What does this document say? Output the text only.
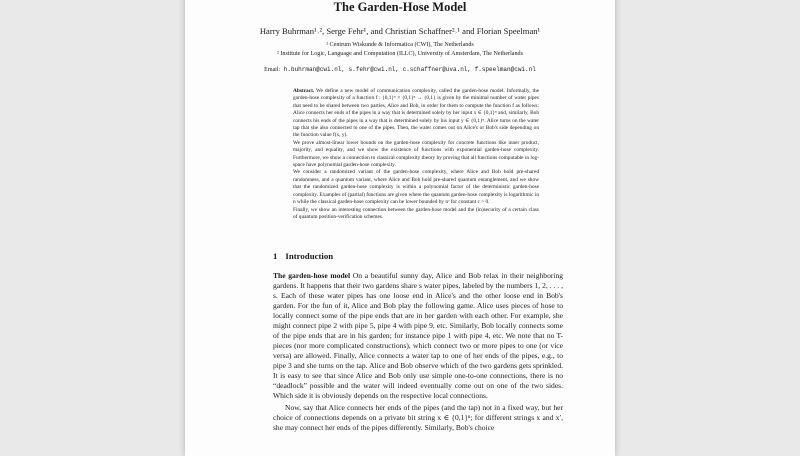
The Garden-Hose Model
Harry Buhrman¹˒², Serge Fehr¹, and Christian Schaffner²˒¹ and Florian Speelman¹
¹ Centrum Wiskunde & Informatica (CWI), The Netherlands
² Institute for Logic, Language and Computation (ILLC), University of Amsterdam, The Netherlands
Email: h.buhrman@cwi.nl, s.fehr@cwi.nl, c.schaffner@uva.nl, f.speelman@cwi.nl

Abstract. We define a new model of communication complexity, called the garden-hose model. Informally, the garden-hose complexity of a function f : {0,1}ⁿ × {0,1}ⁿ → {0,1} is given by the minimal number of water pipes that need to be shared between two parties, Alice and Bob, in order for them to compute the function f as follows: Alice connects her ends of the pipes in a way that is determined solely by her input x ∈ {0,1}ⁿ and, similarly, Bob connects his ends of the pipes in a way that is determined solely by his input y ∈ {0,1}ⁿ. Alice turns on the water tap that she also connected to one of the pipes. Then, the water comes out on Alice's or Bob's side depending on the function value f(x, y).

We prove almost-linear lower bounds on the garden-hose complexity for concrete functions like inner product, majority, and equality, and we show the existence of functions with exponential garden-hose complexity. Furthermore, we show a connection to classical complexity theory by proving that all functions computable in log-space have polynomial garden-hose complexity.

We consider a randomized variant of the garden-hose complexity, where Alice and Bob hold pre-shared randomness, and a quantum variant, where Alice and Bob hold pre-shared quantum entanglement, and we show that the randomized garden-hose complexity is within a polynomial factor of the deterministic garden-hose complexity. Examples of (partial) functions are given where the quantum garden-hose complexity is logarithmic in n while the classical garden-hose complexity can be lower bounded by nᶜ for constant c > 0.

Finally, we show an interesting connection between the garden-hose model and the (in)security of a certain class of quantum position-verification schemes.

1 Introduction

The garden-hose model On a beautiful sunny day, Alice and Bob relax in their neighboring gardens. It happens that their two gardens share s water pipes, labeled by the numbers 1, 2, . . . , s. Each of these water pipes has one loose end in Alice's and the other loose end in Bob's garden. For the fun of it, Alice and Bob play the following game. Alice uses pieces of hose to locally connect some of the pipe ends that are in her garden with each other. For example, she might connect pipe 2 with pipe 5, pipe 4 with pipe 9, etc. Similarly, Bob locally connects some of the pipe ends that are in his garden; for instance pipe 1 with pipe 4, etc. We note that no T-pieces (nor more complicated constructions), which connect two or more pipes to one (or vice versa) are allowed. Finally, Alice connects a water tap to one of her ends of the pipes, e.g., to pipe 3 and she turns on the tap. Alice and Bob observe which of the two gardens gets sprinkled. It is easy to see that since Alice and Bob only use simple one-to-one connections, there is no “deadlock” possible and the water will indeed eventually come out on one of the two sides. Which side it is obviously depends on the respective local connections.

Now, say that Alice connects her ends of the pipes (and the tap) not in a fixed way, but her choice of connections depends on a private bit string x ∈ {0,1}ⁿ; for different strings x and x′, she may connect her ends of the pipes differently. Similarly, Bob's choice
